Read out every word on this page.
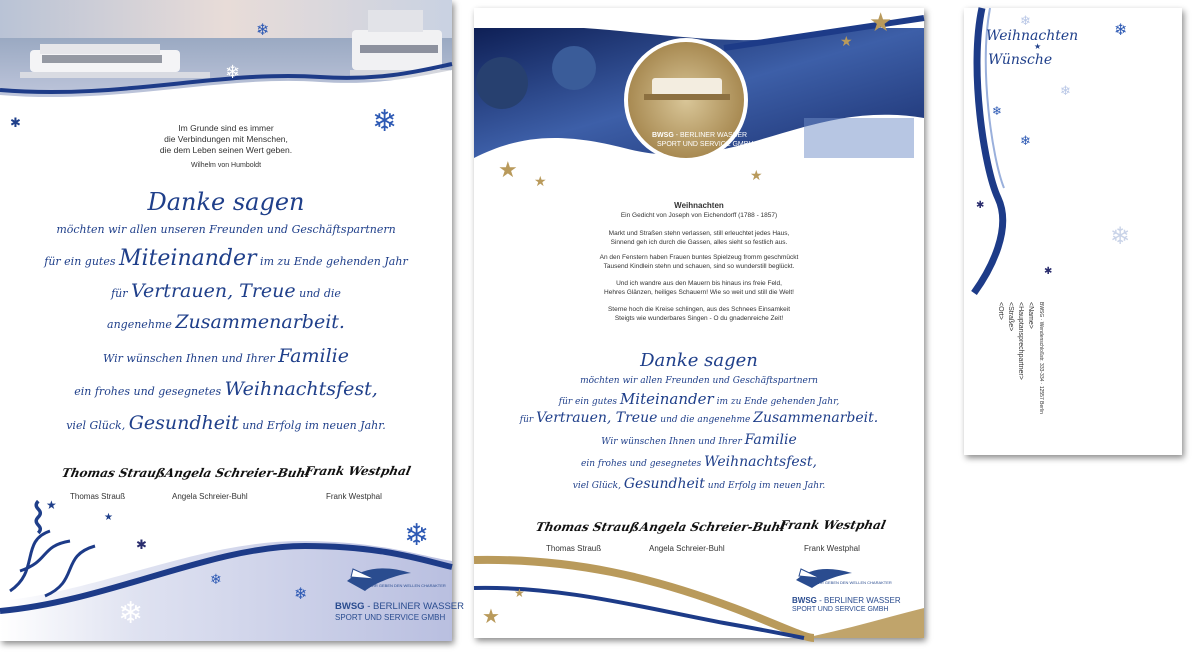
❄
✱
❄
❄
Im Grunde sind es immer
die Verbindungen mit Menschen,
die dem Leben seinen Wert geben.
Wilhelm von Humboldt
Danke sagen
möchten wir allen unseren Freunden und Geschäftspartnern
für ein gutes Miteinander im zu Ende gehenden Jahr
für Vertrauen, Treue und die
angenehme Zusammenarbeit.
Wir wünschen Ihnen und Ihrer Familie
ein frohes und gesegnetes Weihnachtsfest,
viel Glück, Gesundheit und Erfolg im neuen Jahr.
Thomas Strauß
Angela Schreier-Buhl
Frank Westphal
Thomas Strauß	Angela Schreier-Buhl	Frank Westphal
⌇
★
★
❄
✱
❄
❄
❄
WIR GEBEN DEN WELLEN CHARAKTER
BWSG - BERLINER WASSER
SPORT UND SERVICE GMBH
BWSG - BERLINER WASSER
SPORT UND SERVICE GMBH
★
★
★ ★	★
Weihnachten
Ein Gedicht von Joseph von Eichendorff (1788 - 1857)
Markt und Straßen stehn verlassen, still erleuchtet jedes Haus,
Sinnend geh ich durch die Gassen, alles sieht so festlich aus.
An den Fenstern haben Frauen buntes Spielzeug fromm geschmückt
Tausend Kindlein stehn und schauen, sind so wunderstill beglückt.
Und ich wandre aus den Mauern bis hinaus ins freie Feld,
Hehres Glänzen, heiliges Schauern! Wie so weit und still die Welt!
Sterne hoch die Kreise schlingen, aus des Schnees Einsamkeit
Steigts wie wunderbares Singen - O du gnadenreiche Zeit!
Danke sagen
möchten wir allen Freunden und Geschäftspartnern
für ein gutes Miteinander im zu Ende gehenden Jahr,
für Vertrauen, Treue und die angenehme Zusammenarbeit.
Wir wünschen Ihnen und Ihrer Familie
ein frohes und gesegnetes Weihnachtsfest,
viel Glück, Gesundheit und Erfolg im neuen Jahr.
Thomas Strauß
Angela Schreier-Buhl
Frank Westphal
Thomas Strauß	Angela Schreier-Buhl	Frank Westphal
★
★
WIR GEBEN DEN WELLEN CHARAKTER
BWSG - BERLINER WASSER
SPORT UND SERVICE GMBH
Weihnachten
Wünsche
★
❄	❄
❄
❄
❄
✱
❄
✱
BWSG · Wendenschloßstr. 333-334 · 12557 Berlin
<Name>
<Hauptansprechpartner>
<Straße>
<Ort>
